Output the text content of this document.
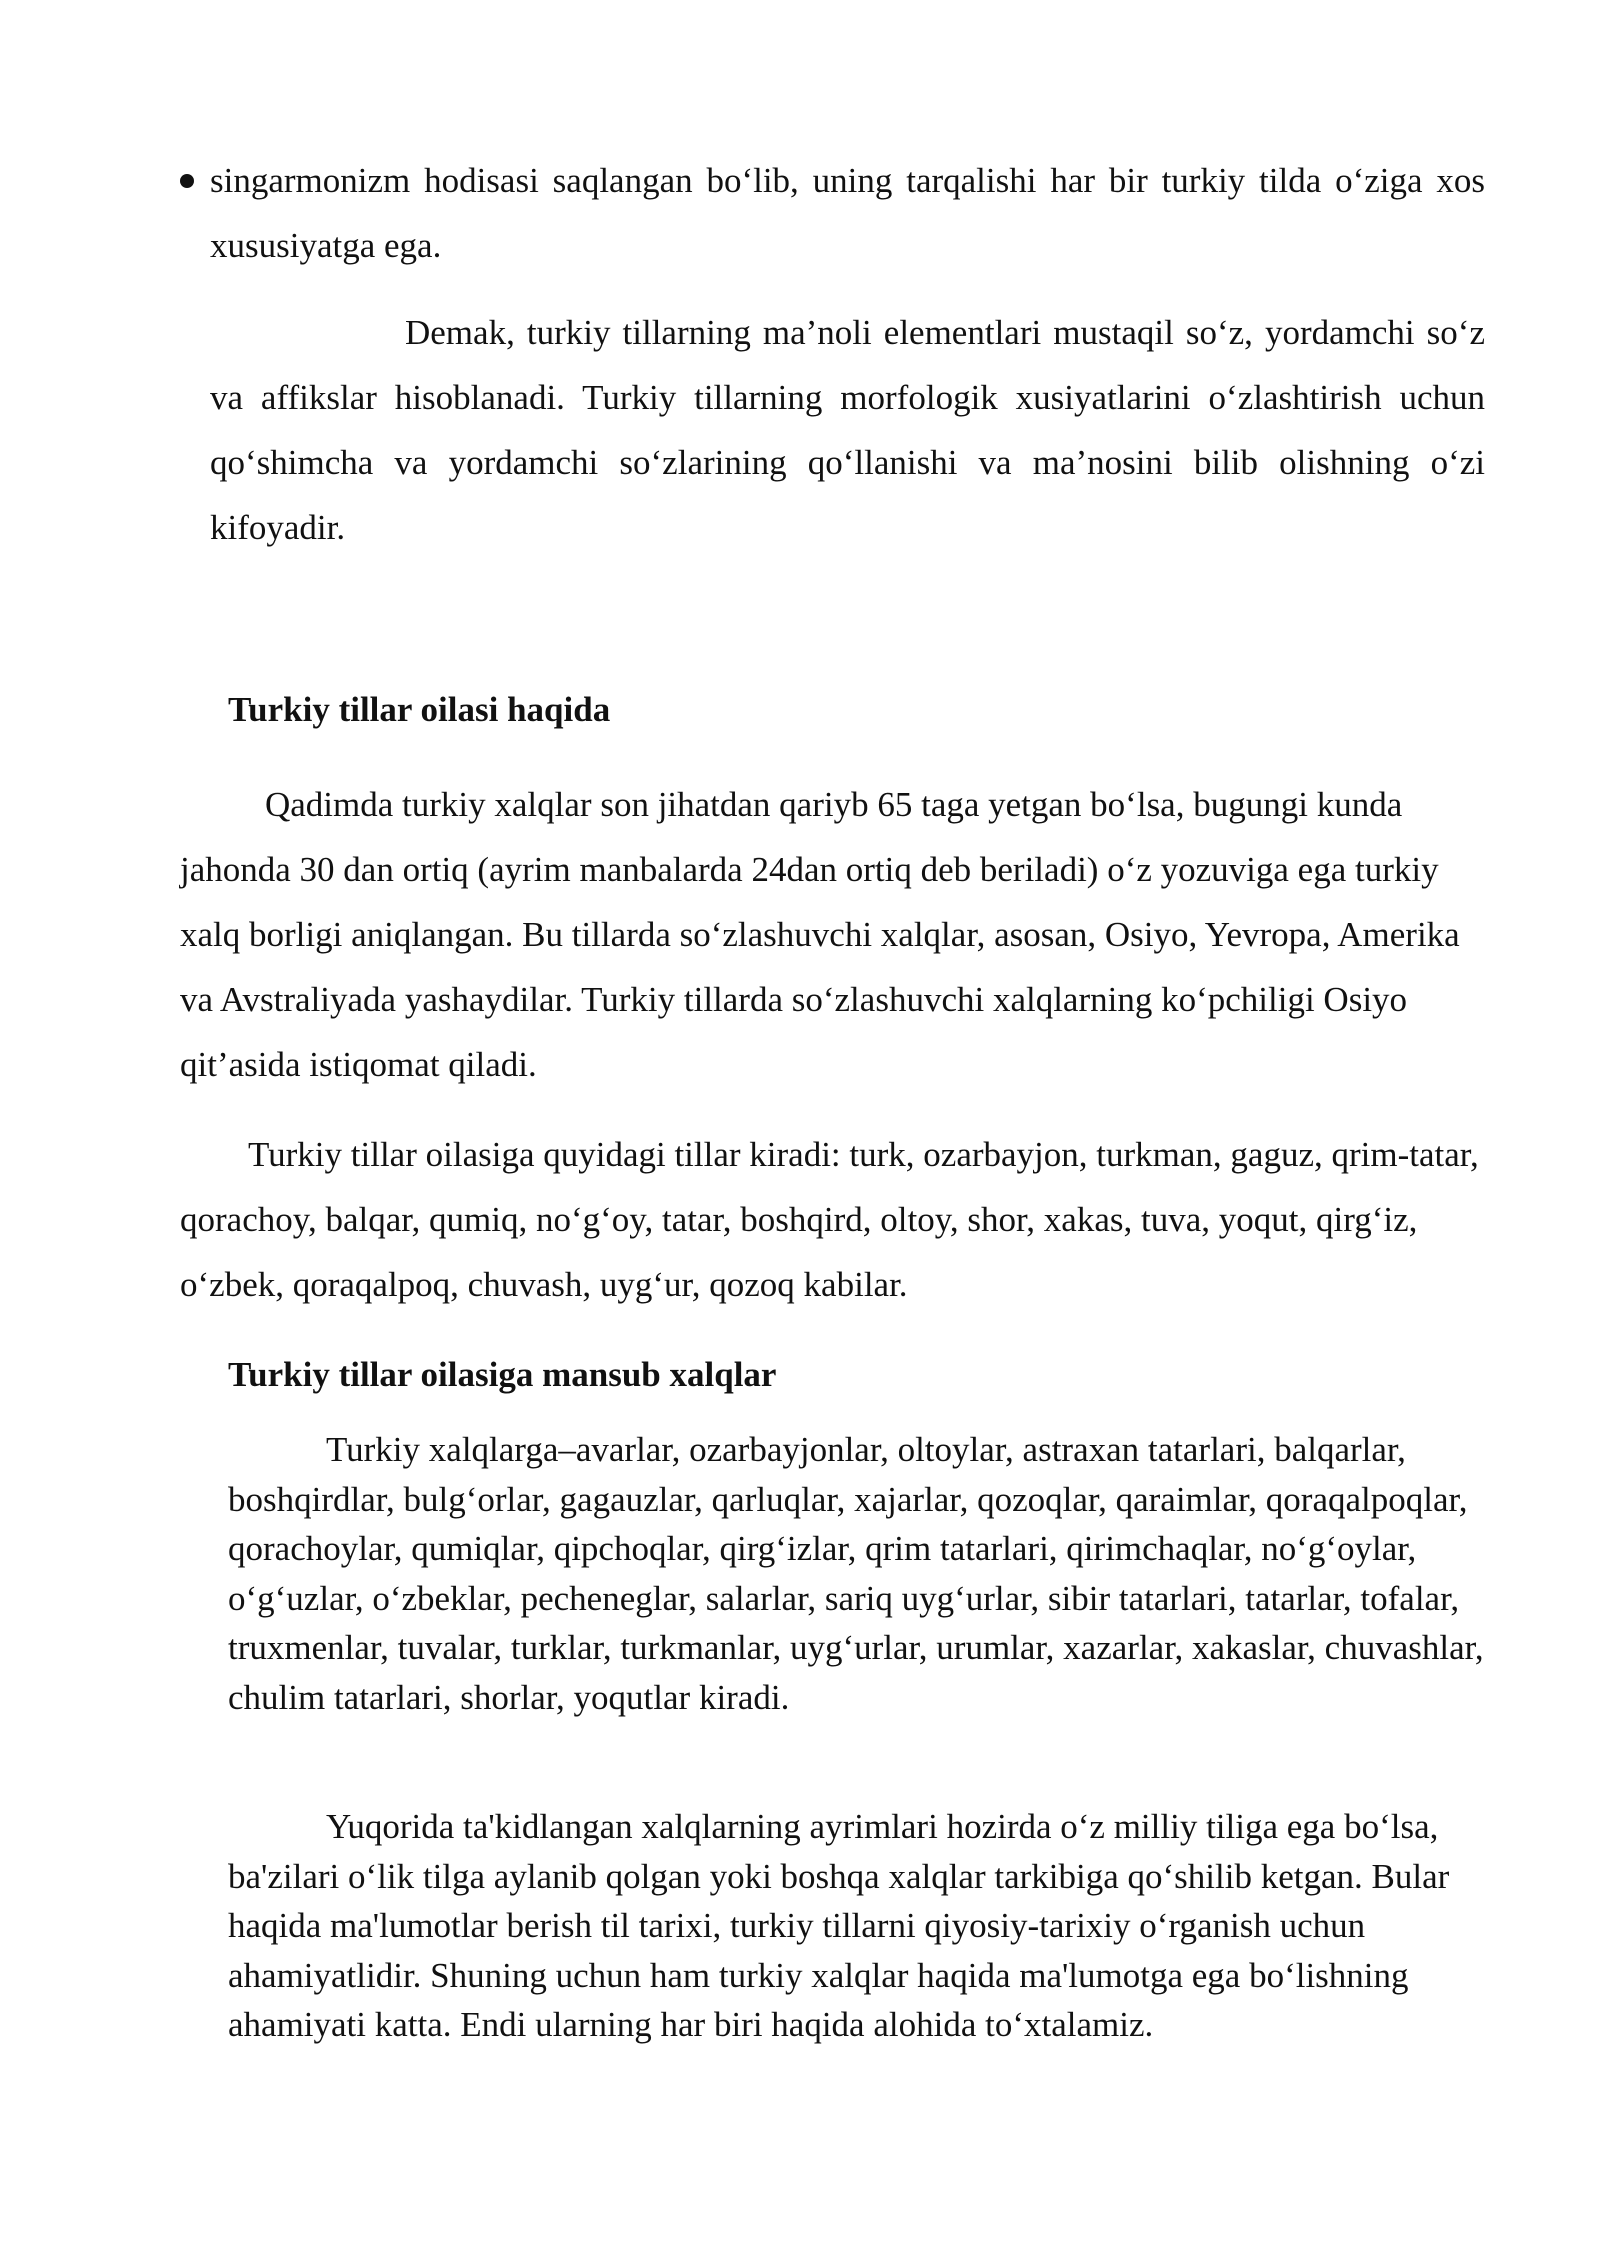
singarmonizm hodisasi saqlangan boʻlib, uning tarqalishi har bir turkiy tilda oʻziga xos xususiyatga ega.

Demak, turkiy tillarning ma’noli elementlari mustaqil soʻz, yordamchi soʻz va affikslar hisoblanadi. Turkiy tillarning morfologik xusiyatlarini oʻzlashtirish uchun qoʻshimcha va yordamchi soʻzlarining qoʻllanishi va ma’nosini bilib olishning oʻzi kifoyadir.

Turkiy tillar oilasi haqida

Qadimda turkiy xalqlar son jihatdan qariyb 65 taga yetgan boʻlsa, bugungi kunda jahonda 30 dan ortiq (ayrim manbalarda 24dan ortiq deb beriladi) oʻz yozuviga ega turkiy xalq borligi aniqlangan. Bu tillarda soʻzlashuvchi xalqlar, asosan, Osiyo, Yevropa, Amerika va Avstraliyada yashaydilar. Turkiy tillarda soʻzlashuvchi xalqlarning koʻpchiligi Osiyo qit’asida istiqomat qiladi.

Turkiy tillar oilasiga quyidagi tillar kiradi: turk, ozarbayjon, turkman, gaguz, qrim-tatar, qorachoy, balqar, qumiq, noʻgʻoy, tatar, boshqird, oltoy, shor, xakas, tuva, yoqut, qirgʻiz, oʻzbek, qoraqalpoq, chuvash, uygʻur, qozoq kabilar.

Turkiy tillar oilasiga mansub xalqlar

Turkiy xalqlarga–avarlar, ozarbayjonlar, oltoylar, astraxan tatarlari, balqarlar, boshqirdlar, bulgʻorlar, gagauzlar, qarluqlar, xajarlar, qozoqlar, qaraimlar, qoraqalpoqlar, qorachoylar, qumiqlar, qipchoqlar, qirgʻizlar, qrim tatarlari, qirimchaqlar, noʻgʻoylar, oʻgʻuzlar, oʻzbeklar, pecheneglar, salarlar, sariq uygʻurlar, sibir tatarlari, tatarlar, tofalar, truxmenlar, tuvalar, turklar, turkmanlar, uygʻurlar, urumlar, xazarlar, xakaslar, chuvashlar, chulim tatarlari, shorlar, yoqutlar kiradi.

Yuqorida ta'kidlangan xalqlarning ayrimlari hozirda oʻz milliy tiliga ega boʻlsa, ba'zilari oʻlik tilga aylanib qolgan yoki boshqa xalqlar tarkibiga qoʻshilib ketgan. Bular haqida ma'lumotlar berish til tarixi, turkiy tillarni qiyosiy-tarixiy oʻrganish uchun ahamiyatlidir. Shuning uchun ham turkiy xalqlar haqida ma'lumotga ega boʻlishning ahamiyati katta. Endi ularning har biri haqida alohida toʻxtalamiz.
